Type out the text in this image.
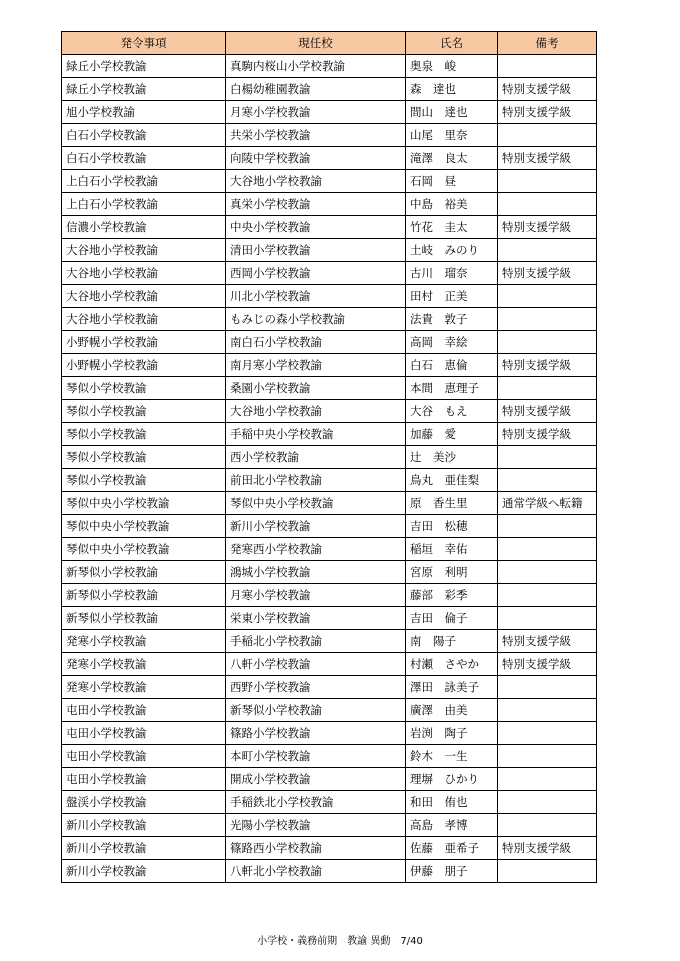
発令事項	現任校	氏名	備考
緑丘小学校教諭	真駒内桜山小学校教諭	奥泉　峻	
緑丘小学校教諭	白楊幼稚園教諭	森　達也	特別支援学級
旭小学校教諭	月寒小学校教諭	間山　達也	特別支援学級
白石小学校教諭	共栄小学校教諭	山尾　里奈	
白石小学校教諭	向陵中学校教諭	滝澤　良太	特別支援学級
上白石小学校教諭	大谷地小学校教諭	石岡　昼	
上白石小学校教諭	真栄小学校教諭	中島　裕美	
信濃小学校教諭	中央小学校教諭	竹花　圭太	特別支援学級
大谷地小学校教諭	清田小学校教諭	土岐　みのり	
大谷地小学校教諭	西岡小学校教諭	古川　瑠奈	特別支援学級
大谷地小学校教諭	川北小学校教諭	田村　正美	
大谷地小学校教諭	もみじの森小学校教諭	法貴　敦子	
小野幌小学校教諭	南白石小学校教諭	高岡　幸絵	
小野幌小学校教諭	南月寒小学校教諭	白石　恵倫	特別支援学級
琴似小学校教諭	桑園小学校教諭	本間　恵理子	
琴似小学校教諭	大谷地小学校教諭	大谷　もえ	特別支援学級
琴似小学校教諭	手稲中央小学校教諭	加藤　愛	特別支援学級
琴似小学校教諭	西小学校教諭	辻　美沙	
琴似小学校教諭	前田北小学校教諭	鳥丸　亜佳梨	
琴似中央小学校教諭	琴似中央小学校教諭	原　香生里	通常学級へ転籍
琴似中央小学校教諭	新川小学校教諭	吉田　松穂	
琴似中央小学校教諭	発寒西小学校教諭	稲垣　幸佑	
新琴似小学校教諭	鴻城小学校教諭	宮原　利明	
新琴似小学校教諭	月寒小学校教諭	藤部　彩季	
新琴似小学校教諭	栄東小学校教諭	吉田　倫子	
発寒小学校教諭	手稲北小学校教諭	南　陽子	特別支援学級
発寒小学校教諭	八軒小学校教諭	村瀬　さやか	特別支援学級
発寒小学校教諭	西野小学校教諭	澤田　詠美子	
屯田小学校教諭	新琴似小学校教諭	廣澤　由美	
屯田小学校教諭	篠路小学校教諭	岩渕　陶子	
屯田小学校教諭	本町小学校教諭	鈴木　一生	
屯田小学校教諭	開成小学校教諭	理塀　ひかり	
盤渓小学校教諭	手稲鉄北小学校教諭	和田　侑也	
新川小学校教諭	光陽小学校教諭	高島　孝博	
新川小学校教諭	篠路西小学校教諭	佐藤　亜希子	特別支援学級
新川小学校教諭	八軒北小学校教諭	伊藤　朋子	
小学校・義務前期　教諭 異動　7/40
